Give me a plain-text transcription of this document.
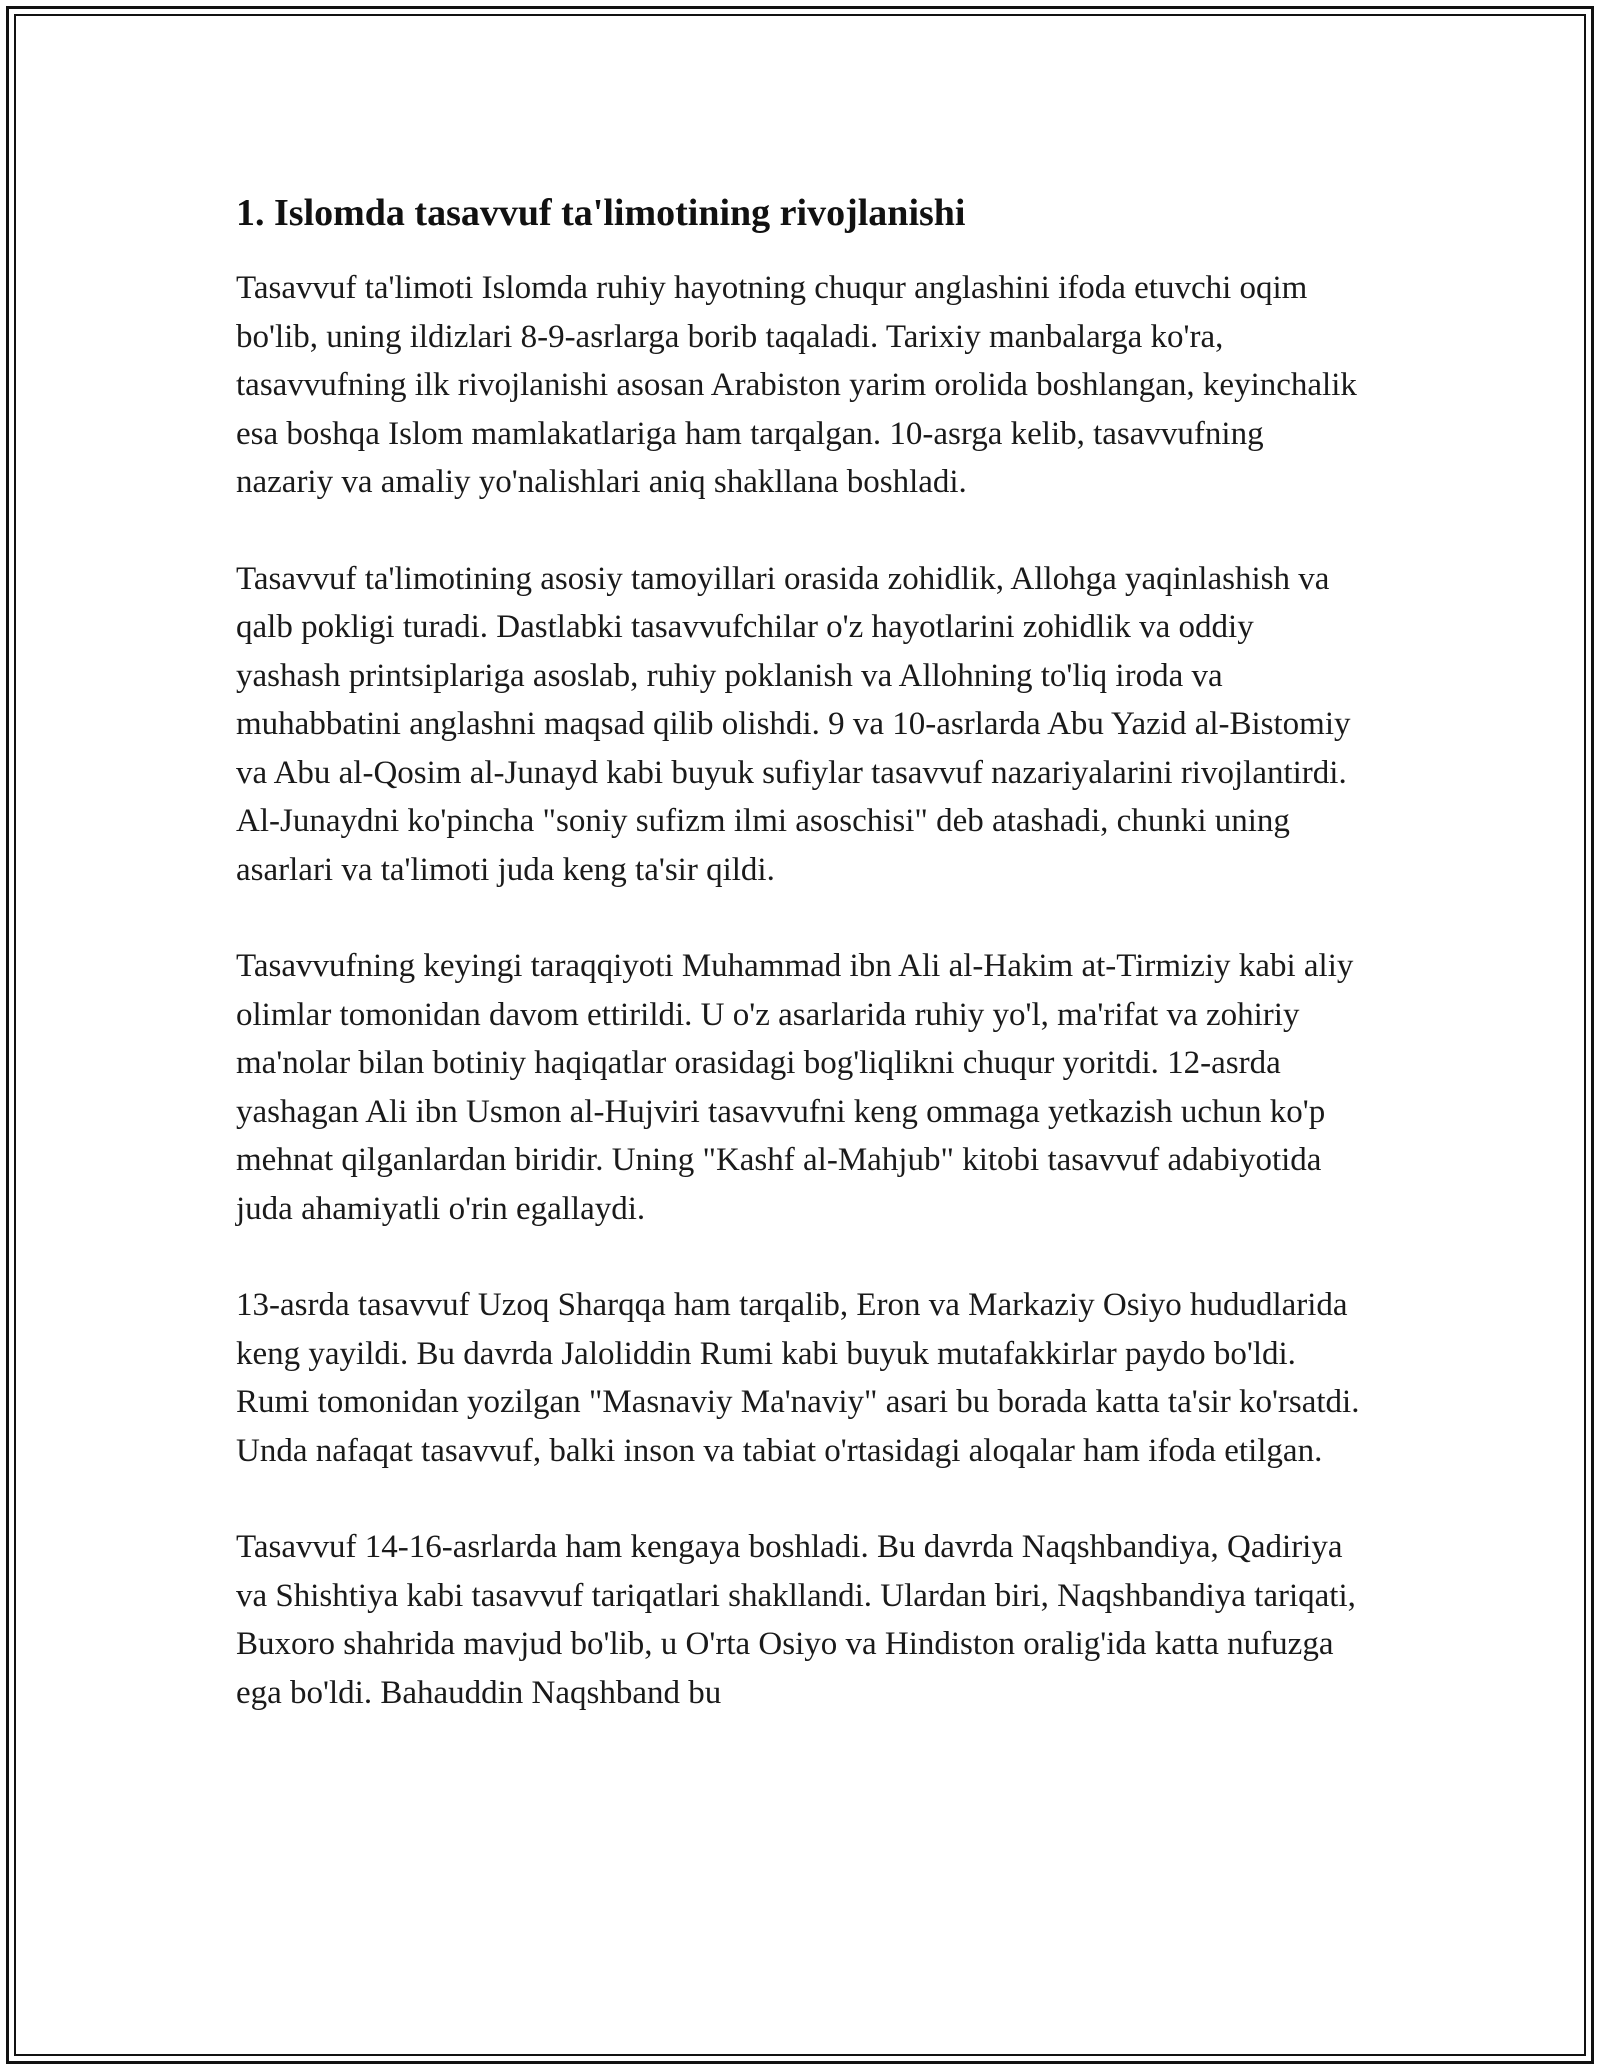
1. Islomda tasavvuf ta'limotining rivojlanishi

Tasavvuf ta'limoti Islomda ruhiy hayotning chuqur anglashini ifoda etuvchi oqim bo'lib, uning ildizlari 8-9-asrlarga borib taqaladi. Tarixiy manbalarga ko'ra, tasavvufning ilk rivojlanishi asosan Arabiston yarim orolida boshlangan, keyinchalik esa boshqa Islom mamlakatlariga ham tarqalgan. 10-asrga kelib, tasavvufning nazariy va amaliy yo'nalishlari aniq shakllana boshladi.

Tasavvuf ta'limotining asosiy tamoyillari orasida zohidlik, Allohga yaqinlashish va qalb pokligi turadi. Dastlabki tasavvufchilar o'z hayotlarini zohidlik va oddiy yashash printsiplariga asoslab, ruhiy poklanish va Allohning to'liq iroda va muhabbatini anglashni maqsad qilib olishdi. 9 va 10-asrlarda Abu Yazid al-Bistomiy va Abu al-Qosim al-Junayd kabi buyuk sufiylar tasavvuf nazariyalarini rivojlantirdi. Al-Junaydni ko'pincha "soniy sufizm ilmi asoschisi" deb atashadi, chunki uning asarlari va ta'limoti juda keng ta'sir qildi.

Tasavvufning keyingi taraqqiyoti Muhammad ibn Ali al-Hakim at-Tirmiziy kabi aliy olimlar tomonidan davom ettirildi. U o'z asarlarida ruhiy yo'l, ma'rifat va zohiriy ma'nolar bilan botiniy haqiqatlar orasidagi bog'liqlikni chuqur yoritdi. 12-asrda yashagan Ali ibn Usmon al-Hujviri tasavvufni keng ommaga yetkazish uchun ko'p mehnat qilganlardan biridir. Uning "Kashf al-Mahjub" kitobi tasavvuf adabiyotida juda ahamiyatli o'rin egallaydi.

13-asrda tasavvuf Uzoq Sharqqa ham tarqalib, Eron va Markaziy Osiyo hududlarida keng yayildi. Bu davrda Jaloliddin Rumi kabi buyuk mutafakkirlar paydo bo'ldi. Rumi tomonidan yozilgan "Masnaviy Ma'naviy" asari bu borada katta ta'sir ko'rsatdi. Unda nafaqat tasavvuf, balki inson va tabiat o'rtasidagi aloqalar ham ifoda etilgan.

Tasavvuf 14-16-asrlarda ham kengaya boshladi. Bu davrda Naqshbandiya, Qadiriya va Shishtiya kabi tasavvuf tariqatlari shakllandi. Ulardan biri, Naqshbandiya tariqati, Buxoro shahrida mavjud bo'lib, u O'rta Osiyo va Hindiston oralig'ida katta nufuzga ega bo'ldi. Bahauddin Naqshband bu
